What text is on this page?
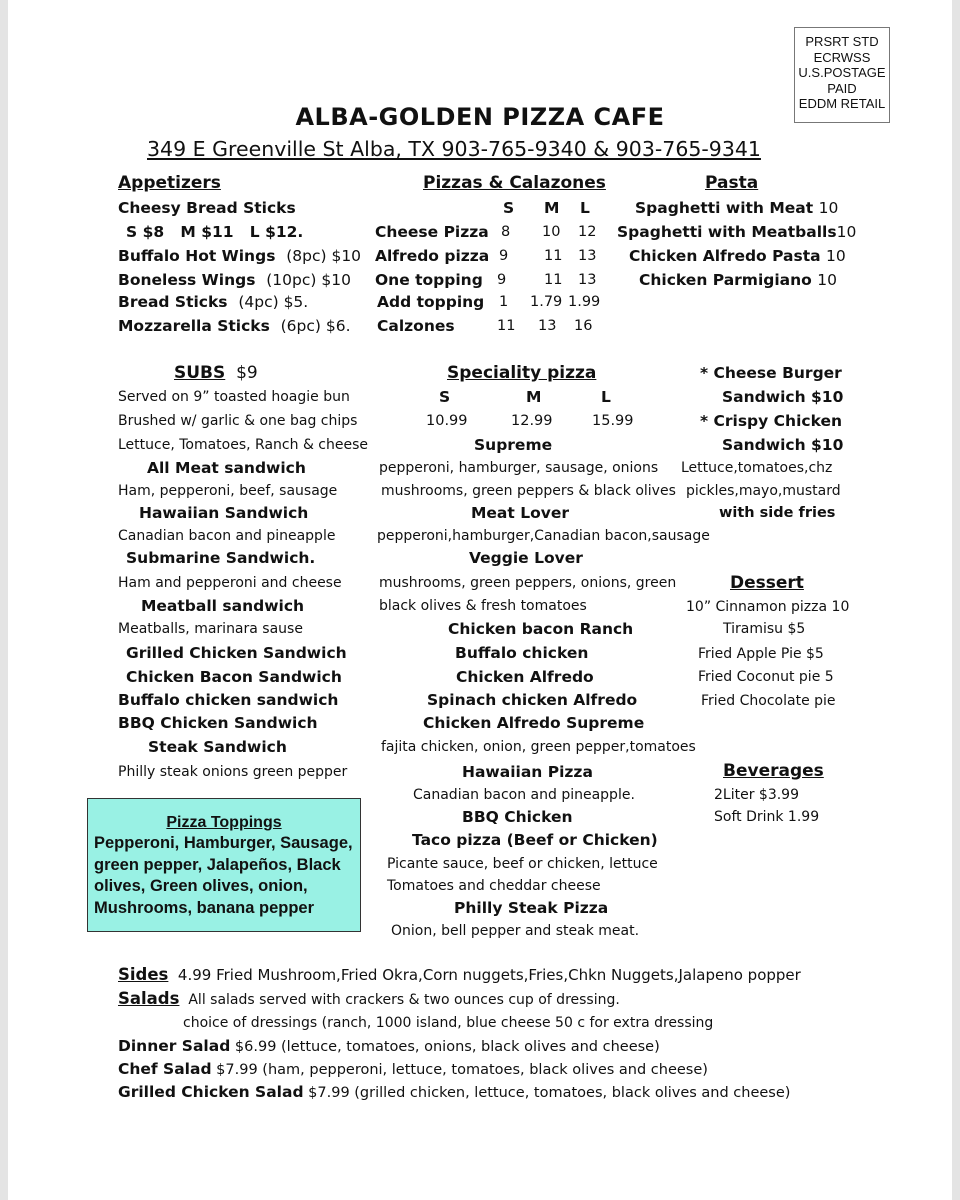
PRSRT STD
ECRWSS
U.S.POSTAGE
PAID
EDDM RETAIL
ALBA-GOLDEN PIZZA CAFE
349 E Greenville St Alba, TX 903-765-9340 & 903-765-9341
Appetizers
Cheesy Bread Sticks
S $8 M $11 L $12.
Buffalo Hot Wings (8pc) $10
Boneless Wings (10pc) $10
Bread Sticks (4pc) $5.
Mozzarella Sticks (6pc) $6.
Pizzas & Calazones
S M L
Cheese Pizza 8 10 12
Alfredo pizza 9 11 13
One topping 9	11 13
Add topping 1 1.79 1.99
Calzones	11 13 16
Pasta
Spaghetti with Meat 10
Spaghetti with Meatballs10
Chicken Alfredo Pasta 10
Chicken Parmigiano 10
SUBS $9
Served on 9” toasted hoagie bun
Brushed w/ garlic & one bag chips
Lettuce, Tomatoes, Ranch & cheese
All Meat sandwich
Ham, pepperoni, beef, sausage
Hawaiian Sandwich
Canadian bacon and pineapple
Submarine Sandwich.
Ham and pepperoni and cheese
Meatball sandwich
Meatballs, marinara sause
Grilled Chicken Sandwich
Chicken Bacon Sandwich
Buffalo chicken sandwich
BBQ Chicken Sandwich
Steak Sandwich
Philly steak onions green pepper
Speciality pizza
S	M	L
10.99	12.99	15.99
Supreme
pepperoni, hamburger, sausage, onions
mushrooms, green peppers & black olives
Meat Lover
pepperoni,hamburger,Canadian bacon,sausage
Veggie Lover
mushrooms, green peppers, onions, green
black olives & fresh tomatoes
Chicken bacon Ranch
Buffalo chicken
Chicken Alfredo
Spinach chicken Alfredo
Chicken Alfredo Supreme
fajita chicken, onion, green pepper,tomatoes
Hawaiian Pizza
Canadian bacon and pineapple.
BBQ Chicken
Taco pizza (Beef or Chicken)
Picante sauce, beef or chicken, lettuce
Tomatoes and cheddar cheese
Philly Steak Pizza
Onion, bell pepper and steak meat.
* Cheese Burger
Sandwich $10
* Crispy Chicken
Sandwich $10
Lettuce,tomatoes,chz
pickles,mayo,mustard
with side fries
Dessert
10” Cinnamon pizza 10
Tiramisu $5
Fried Apple Pie $5
Fried Coconut pie 5
Fried Chocolate pie
Beverages
2Liter $3.99
Soft Drink 1.99
Pizza Toppings
Pepperoni, Hamburger, Sausage,
green pepper, Jalapeños, Black
olives, Green olives, onion,
Mushrooms, banana pepper
Sides 4.99 Fried Mushroom,Fried Okra,Corn nuggets,Fries,Chkn Nuggets,Jalapeno popper
Salads All salads served with crackers & two ounces cup of dressing.
choice of dressings (ranch, 1000 island, blue cheese 50 c for extra dressing
Dinner Salad $6.99 (lettuce, tomatoes, onions, black olives and cheese)
Chef Salad $7.99 (ham, pepperoni, lettuce, tomatoes, black olives and cheese)
Grilled Chicken Salad $7.99 (grilled chicken, lettuce, tomatoes, black olives and cheese)
